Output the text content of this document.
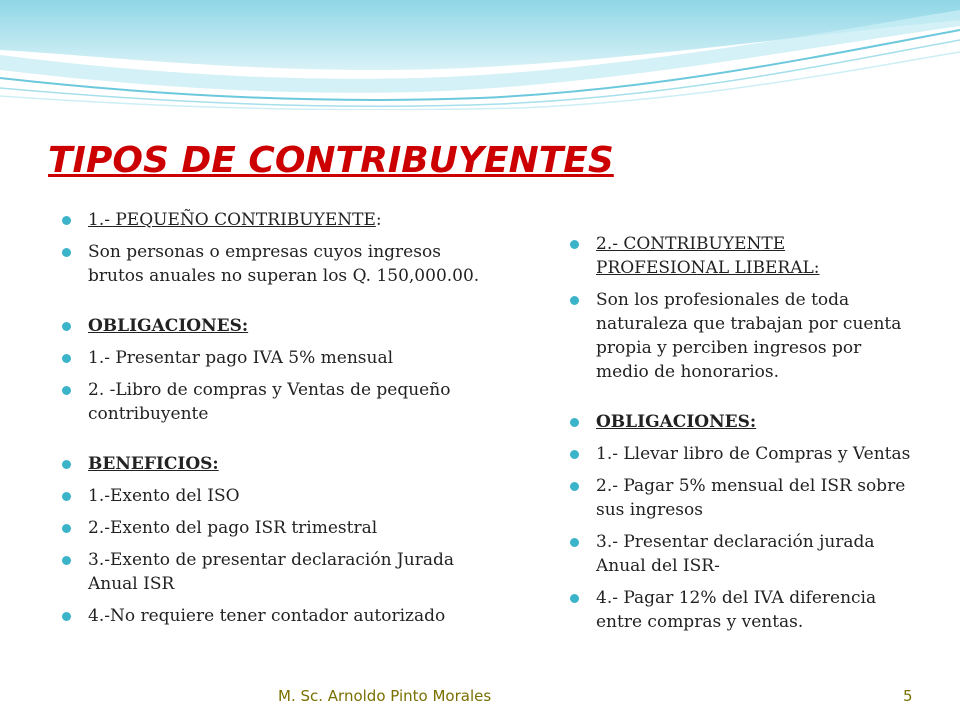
TIPOS DE CONTRIBUYENTES
1.- PEQUEÑO CONTRIBUYENTE:
Son personas o empresas cuyos ingresos brutos anuales no superan los Q. 150,000.00.
OBLIGACIONES:
1.- Presentar pago IVA 5% mensual
2. -Libro de compras y Ventas de pequeño contribuyente
BENEFICIOS:
1.-Exento del ISO
2.-Exento del pago ISR trimestral
3.-Exento de presentar declaración Jurada Anual ISR
4.-No requiere tener contador autorizado
2.- CONTRIBUYENTE PROFESIONAL LIBERAL:
Son los profesionales de toda naturaleza que trabajan por cuenta propia y perciben ingresos por medio de honorarios.
OBLIGACIONES:
1.- Llevar libro de Compras y Ventas
2.- Pagar 5% mensual del ISR sobre sus ingresos
3.- Presentar declaración jurada Anual del ISR-
4.- Pagar 12% del IVA diferencia entre compras y ventas.
M. Sc. Arnoldo Pinto Morales	5
